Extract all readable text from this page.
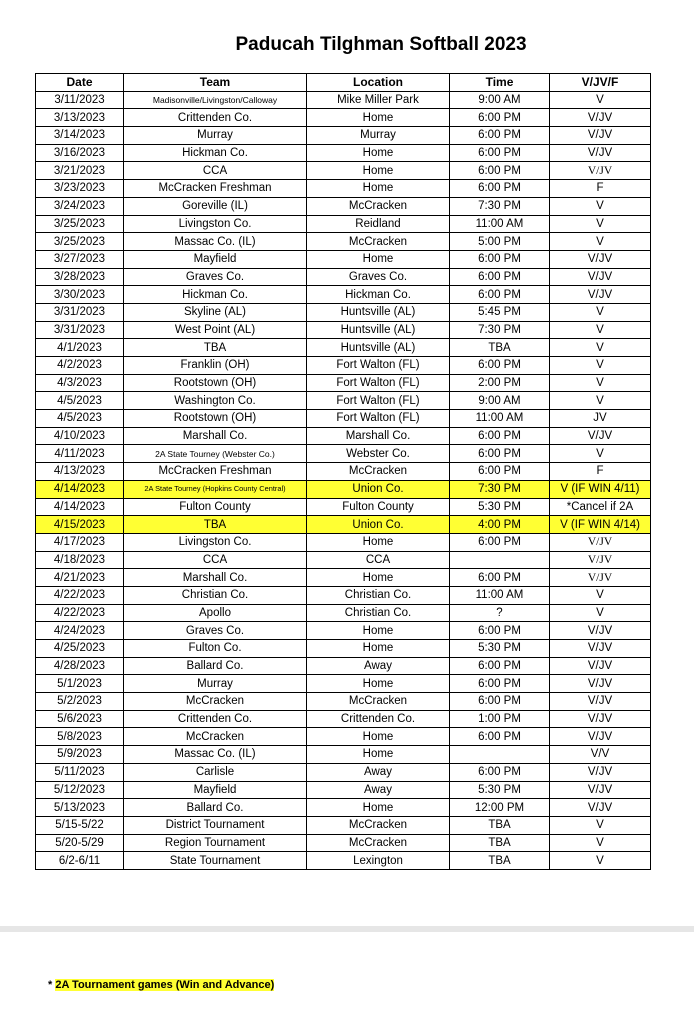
Paducah Tilghman Softball 2023
Date	Team	Location	Time	V/JV/F
3/11/2023	Madisonville/Livingston/Calloway	Mike Miller Park	9:00 AM	V
3/13/2023	Crittenden Co.	Home	6:00 PM	V/JV
3/14/2023	Murray	Murray	6:00 PM	V/JV
3/16/2023	Hickman Co.	Home	6:00 PM	V/JV
3/21/2023	CCA	Home	6:00 PM	V/JV
3/23/2023	McCracken Freshman	Home	6:00 PM	F
3/24/2023	Goreville (IL)	McCracken	7:30 PM	V
3/25/2023	Livingston Co.	Reidland	11:00 AM	V
3/25/2023	Massac Co. (IL)	McCracken	5:00 PM	V
3/27/2023	Mayfield	Home	6:00 PM	V/JV
3/28/2023	Graves Co.	Graves Co.	6:00 PM	V/JV
3/30/2023	Hickman Co.	Hickman Co.	6:00 PM	V/JV
3/31/2023	Skyline (AL)	Huntsville (AL)	5:45 PM	V
3/31/2023	West Point (AL)	Huntsville (AL)	7:30 PM	V
4/1/2023	TBA	Huntsville (AL)	TBA	V
4/2/2023	Franklin (OH)	Fort Walton (FL)	6:00 PM	V
4/3/2023	Rootstown (OH)	Fort Walton (FL)	2:00 PM	V
4/5/2023	Washington Co.	Fort Walton (FL)	9:00 AM	V
4/5/2023	Rootstown (OH)	Fort Walton (FL)	11:00 AM	JV
4/10/2023	Marshall Co.	Marshall Co.	6:00 PM	V/JV
4/11/2023	2A State Tourney (Webster Co.)	Webster Co.	6:00 PM	V
4/13/2023	McCracken Freshman	McCracken	6:00 PM	F
4/14/2023	2A State Tourney (Hopkins County Central)	Union Co.	7:30 PM	V (IF WIN 4/11)
4/14/2023	Fulton County	Fulton County	5:30 PM	*Cancel if 2A
4/15/2023	TBA	Union Co.	4:00 PM	V (IF WIN 4/14)
4/17/2023	Livingston Co.	Home	6:00 PM	V/JV
4/18/2023	CCA	CCA		V/JV
4/21/2023	Marshall Co.	Home	6:00 PM	V/JV
4/22/2023	Christian Co.	Christian Co.	11:00 AM	V
4/22/2023	Apollo	Christian Co.	?	V
4/24/2023	Graves Co.	Home	6:00 PM	V/JV
4/25/2023	Fulton Co.	Home	5:30 PM	V/JV
4/28/2023	Ballard Co.	Away	6:00 PM	V/JV
5/1/2023	Murray	Home	6:00 PM	V/JV
5/2/2023	McCracken	McCracken	6:00 PM	V/JV
5/6/2023	Crittenden Co.	Crittenden Co.	1:00 PM	V/JV
5/8/2023	McCracken	Home	6:00 PM	V/JV
5/9/2023	Massac Co. (IL)	Home		V/V
5/11/2023	Carlisle	Away	6:00 PM	V/JV
5/12/2023	Mayfield	Away	5:30 PM	V/JV
5/13/2023	Ballard Co.	Home	12:00 PM	V/JV
5/15-5/22	District Tournament	McCracken	TBA	V
5/20-5/29	Region Tournament	McCracken	TBA	V
6/2-6/11	State Tournament	Lexington	TBA	V
* 2A Tournament games (Win and Advance)
